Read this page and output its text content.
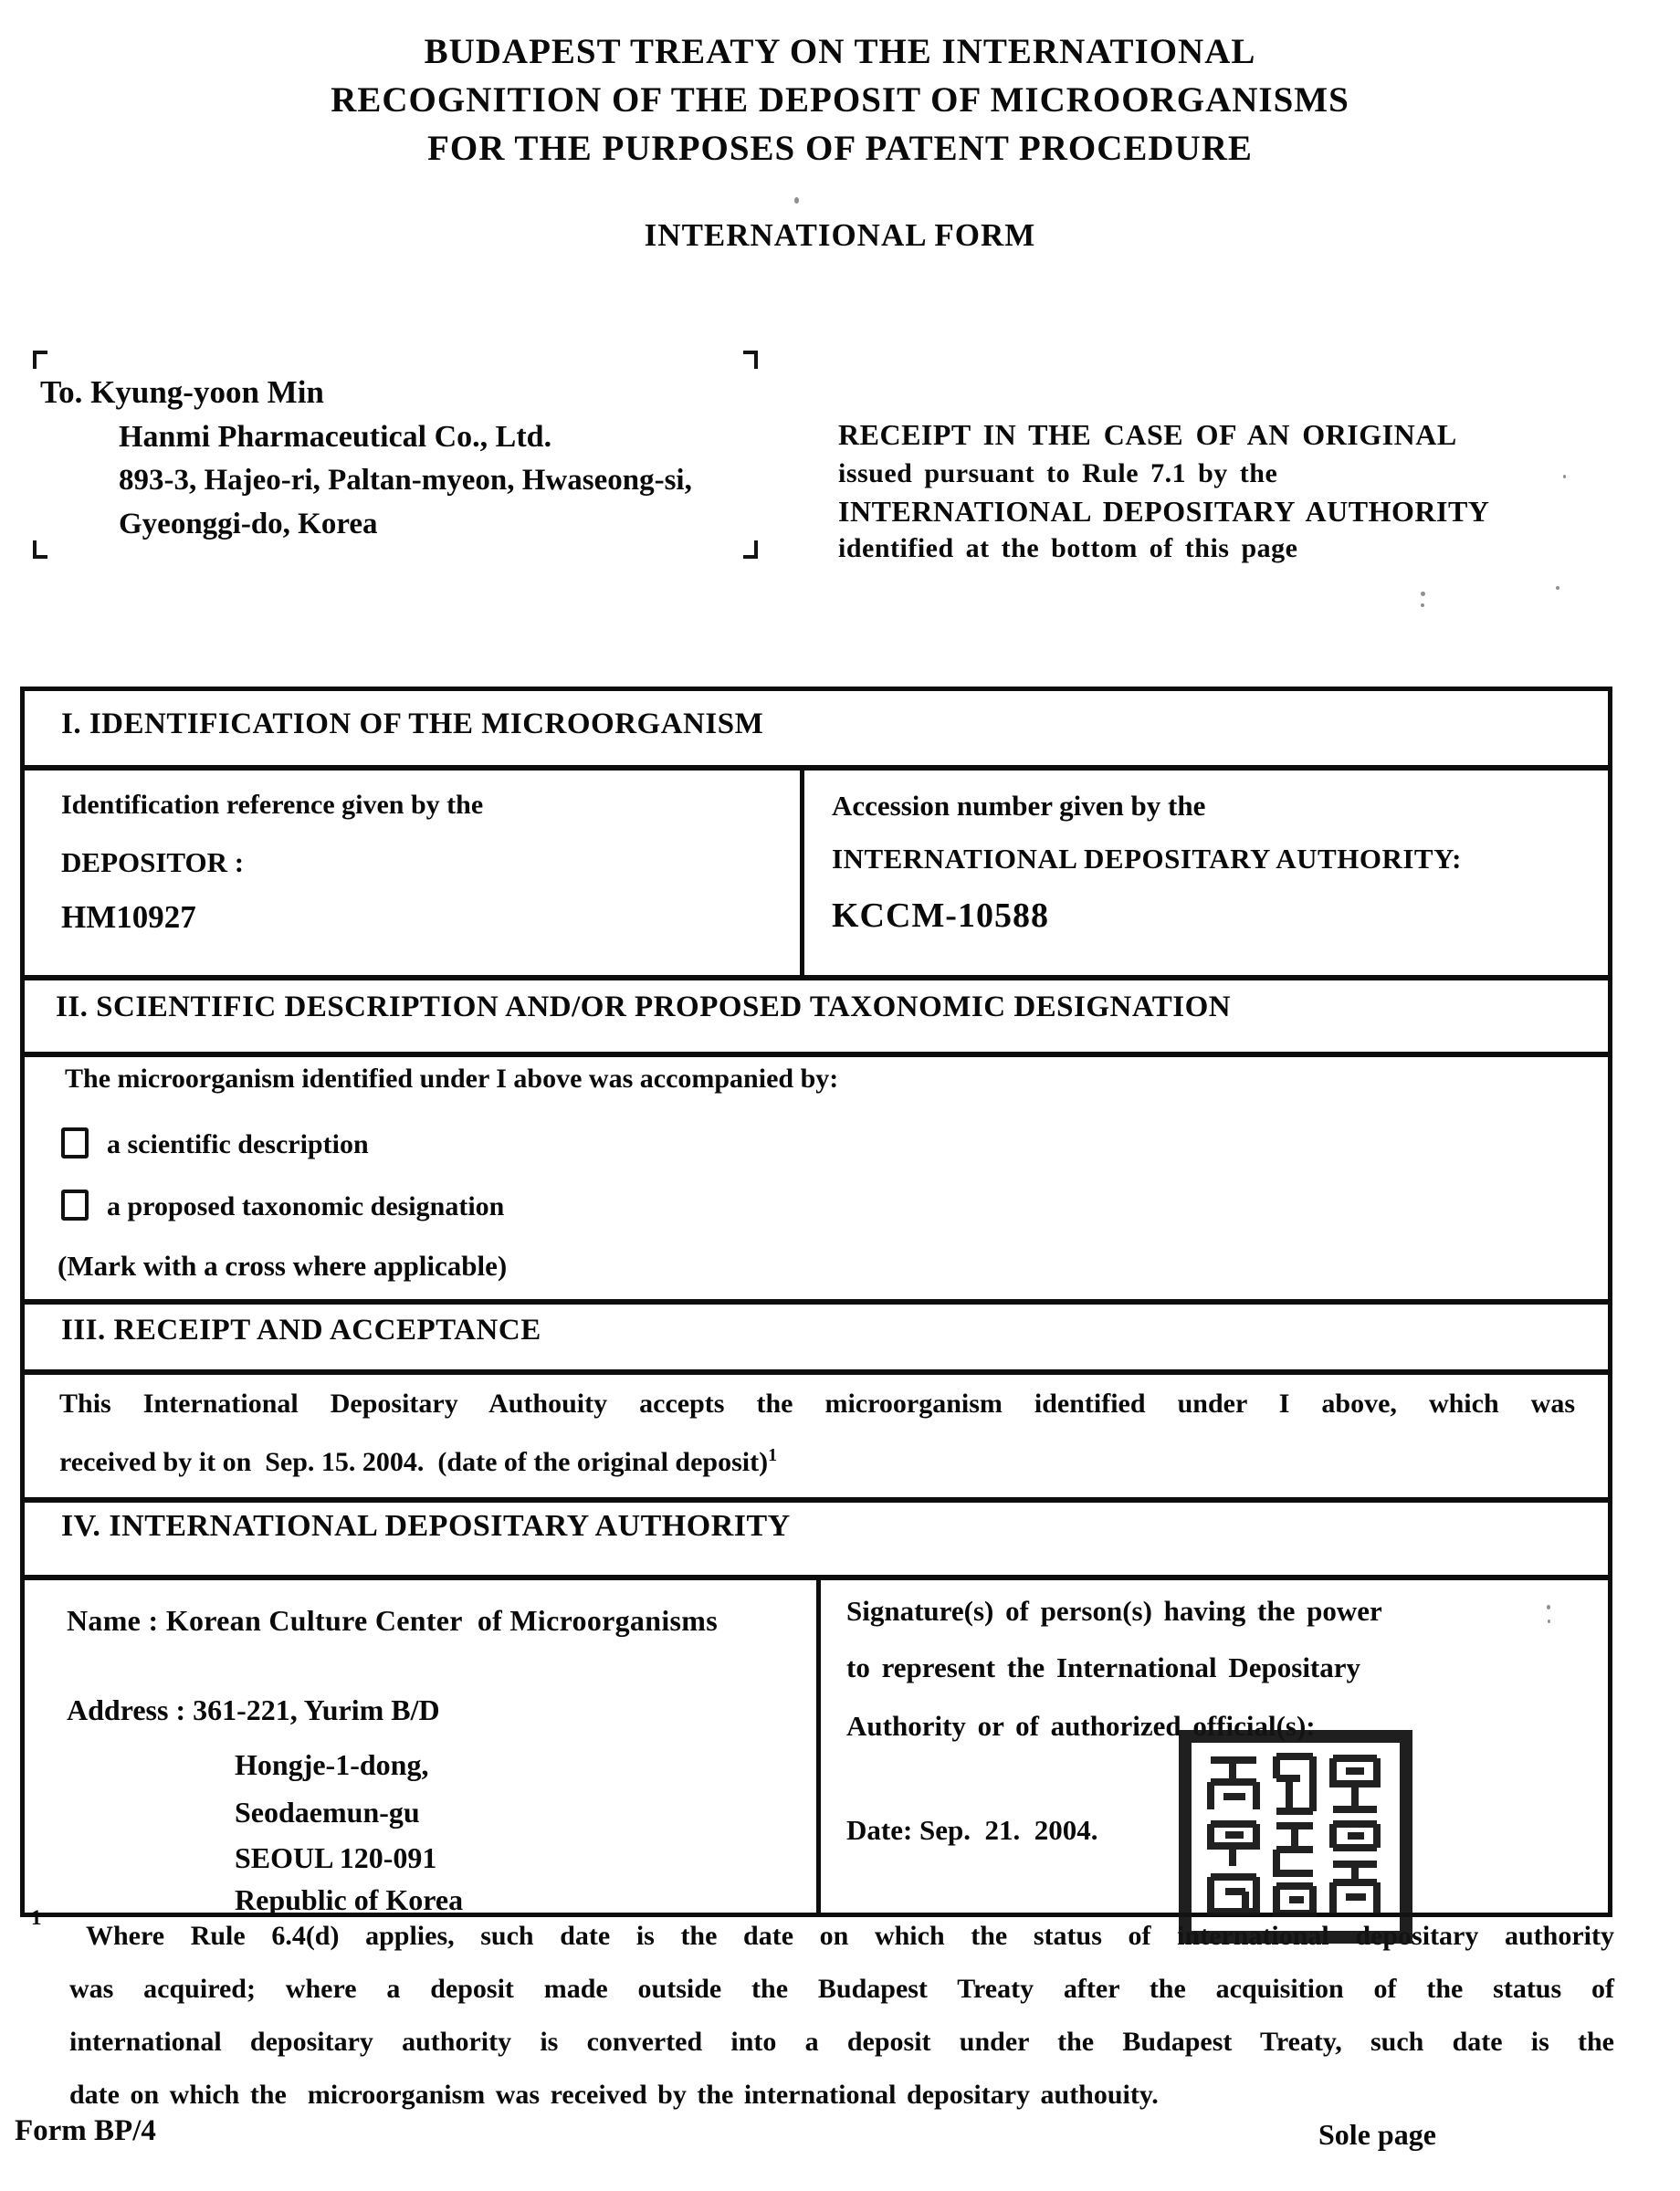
BUDAPEST TREATY ON THE INTERNATIONAL
RECOGNITION OF THE DEPOSIT OF MICROORGANISMS
FOR THE PURPOSES OF PATENT PROCEDURE
INTERNATIONAL FORM
To. Kyung-yoon Min
Hanmi Pharmaceutical Co., Ltd.
893-3, Hajeo-ri, Paltan-myeon, Hwaseong-si,
Gyeonggi-do, Korea
RECEIPT IN THE CASE OF AN ORIGINAL
issued pursuant to Rule 7.1 by the
INTERNATIONAL DEPOSITARY AUTHORITY
identified at the bottom of this page
I. IDENTIFICATION OF THE MICROORGANISM
Identification reference given by the
DEPOSITOR :
HM10927
Accession number given by the
INTERNATIONAL DEPOSITARY AUTHORITY:
KCCM-10588
II. SCIENTIFIC DESCRIPTION AND/OR PROPOSED TAXONOMIC DESIGNATION
The microorganism identified under I above was accompanied by:
a scientific description
a proposed taxonomic designation
(Mark with a cross where applicable)
III. RECEIPT AND ACCEPTANCE
This International Depositary Authouity accepts the microorganism identified under I above, which was
received by it on  Sep. 15. 2004.  (date of the original deposit)$^1$
IV. INTERNATIONAL DEPOSITARY AUTHORITY
Name : Korean Culture Center  of Microorganisms
Address : 361-221, Yurim B/D
Hongje-1-dong,
Seodaemun-gu
SEOUL 120-091
Republic of Korea
Signature(s) of person(s) having the power
to represent the International Depositary
Authority or of authorized official(s):
Date: Sep.  21.  2004.
1
Where Rule 6.4(d) applies, such date is the date on which the status of international depositary authority
was acquired; where a deposit made outside the Budapest Treaty after the acquisition of the status of
international depositary authority is converted into a deposit under the Budapest Treaty, such date is the
date on which the  microorganism was received by the international depositary authouity.
Form BP/4	Sole page
